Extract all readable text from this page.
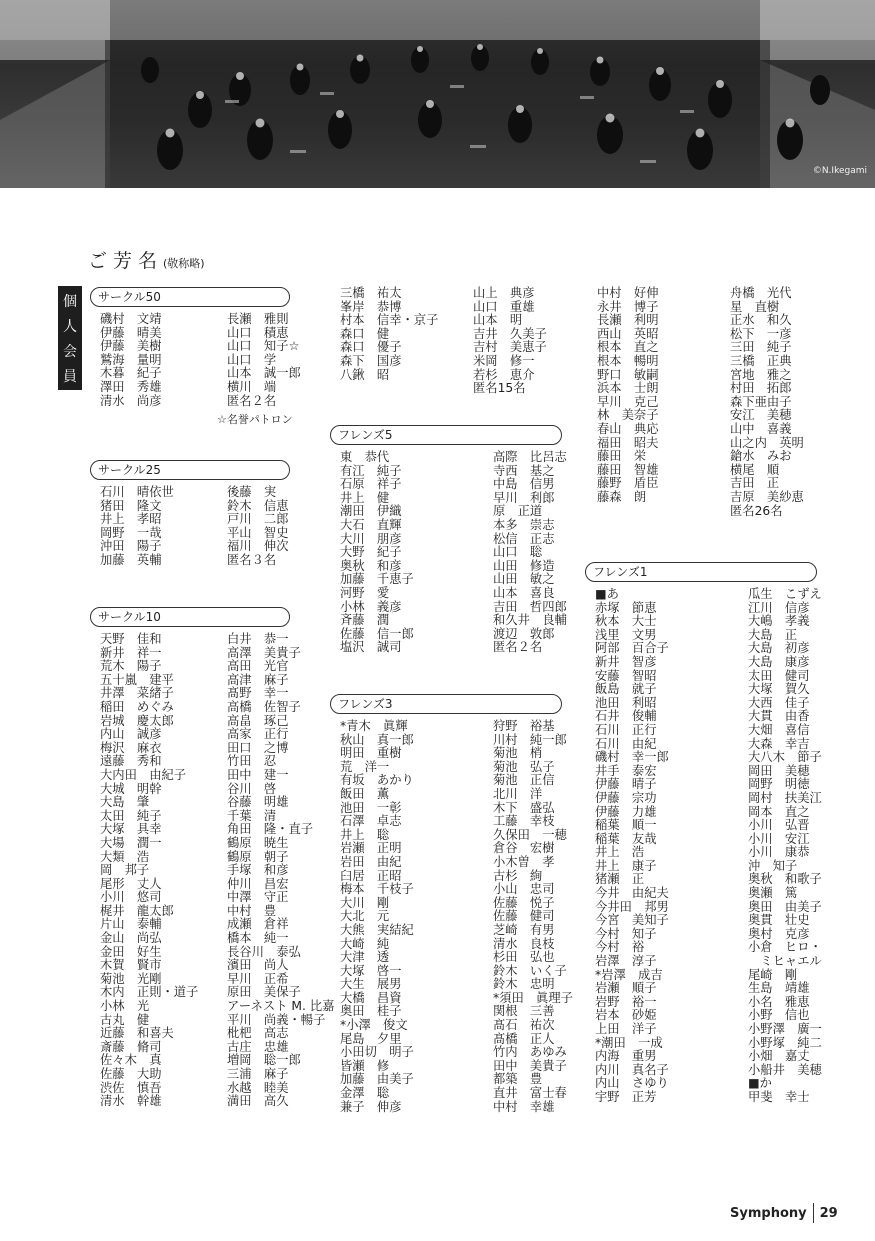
©N.Ikegami
ご芳名(敬称略)
個
人
会
員
サークル50
磯村　文靖
伊藤　晴美
伊藤　美樹
鷲海　量明
木暮　紀子
澤田　秀雄
清水　尚彦
長瀬　雅則
山口　積恵
山口　知子☆
山口　学
山本　誠一郎
横川　端
匿名２名
☆名誉パトロン
サークル25
石川　晴依世
猪田　隆文
井上　孝昭
岡野　一哉
沖田　陽子
加藤　英輔
後藤　実
鈴木　信恵
戸川　二郎
平山　智史
福川　伸次
匿名３名
サークル10
天野　佳和
新井　祥一
荒木　陽子
五十嵐　建平
井澤　菜緒子
稲田　めぐみ
岩城　慶太郎
内山　誠彦
梅沢　麻衣
遠藤　秀和
大内田　由紀子
大城　明幹
大島　肇
太田　純子
大塚　具幸
大場　潤一
大類　浩
岡　邦子
尾形　丈人
小川　悠司
梶井　龍太郎
片山　泰輔
金山　尚弘
金田　好生
木賀　賢市
菊池　光剛
木内　正則・道子
小林　光
古丸　健
近藤　和喜夫
斎藤　脩司
佐々木　真
佐藤　大助
渋佐　慎吾
清水　幹雄
白井　恭一
高澤　美貴子
高田　光官
高津　麻子
髙野　幸一
高橋　佐智子
高畠　琢己
高家　正行
田口　之博
竹田　忍
田中　建一
谷川　啓
谷藤　明雄
千葉　清
角田　隆・直子
鶴原　暁生
鶴原　朝子
手塚　和彦
仲川　昌宏
中澤　守正
中村　豊
成瀬　倉祥
橋本　純一
長谷川　泰弘
濱田　尚人
早川　正希
原田　美保子
アーネスト M. 比嘉
平川　尚義・暢子
枇杷　高志
古庄　忠雄
増岡　聡一郎
三浦　麻子
水越　睦美
満田　高久
三橋　祐太
峯岸　恭博
村本　信幸・京子
森口　健
森口　優子
森下　国彦
八鍬　昭
山上　典彦
山口　重雄
山本　明
吉井　久美子
吉村　美恵子
米岡　修一
若杉　恵介
匿名15名
フレンズ5
東　恭代
有江　純子
石原　祥子
井上　健
潮田　伊織
大石　直輝
大川　朋彦
大野　紀子
奥秋　和彦
加藤　千恵子
河野　愛
小林　義彦
斉藤　潤
佐藤　信一郎
塩沢　誠司
高際　比呂志
寺西　基之
中島　信男
早川　利郎
原　正道
本多　崇志
松信　正志
山口　聡
山田　修造
山田　敏之
山本　喜良
吉田　哲四郎
和久井　良輔
渡辺　敦郎
匿名２名
フレンズ3
*青木　眞輝
秋山　真一郎
明田　重樹
荒　洋一
有坂　あかり
飯田　薫
池田　一彰
石澤　卓志
井上　聡
岩瀬　正明
岩田　由紀
臼居　正昭
梅本　千枝子
大川　剛
大北　元
大熊　実結紀
大崎　純
大津　透
大塚　啓一
大生　展男
大橋　昌資
奥田　桂子
*小澤　俊文
尾島　夕里
小田切　明子
皆瀬　修
加藤　由美子
金澤　聡
兼子　伸彦
狩野　裕基
川村　純一郎
菊池　梢
菊池　弘子
菊池　正信
北川　洋
木下　盛弘
工藤　幸枝
久保田　一穂
倉谷　宏樹
小木曽　孝
古杉　絢
小山　忠司
佐藤　悦子
佐藤　健司
芝崎　有男
清水　良枝
杉田　弘也
鈴木　いく子
鈴木　忠明
*須田　眞理子
関根　三善
髙石　祐次
髙橋　正人
竹内　あゆみ
田中　美貴子
都築　豊
直井　富士春
中村　幸雄
中村　好伸
永井　博子
長瀬　利明
西山　英昭
根本　直之
根本　暢明
野口　敏嗣
浜本　士朗
早川　克己
林　美奈子
春山　典応
福田　昭夫
藤田　栄
藤田　智雄
藤野　盾臣
藤森　朗
舟橋　光代
星　直樹
正水　和久
松下　一彦
三田　純子
三橋　正典
宮地　雅之
村田　拓郎
森下亜由子
安江　美穂
山中　喜義
山之内　英明
鎗水　みお
横尾　順
吉田　正
吉原　美紗恵
匿名26名
フレンズ1
■あ
赤塚　節恵
秋本　大士
浅里　文男
阿部　百合子
新井　智彦
安藤　智昭
飯島　就子
池田　利昭
石井　俊輔
石川　正行
石川　由紀
磯村　幸一郎
井手　泰宏
伊藤　晴子
伊藤　宗功
伊藤　力雄
稲葉　順一
稲葉　友哉
井上　浩
井上　康子
猪瀬　正
今井　由紀夫
今井田　邦男
今宮　美知子
今村　知子
今村　裕
岩澤　淳子
*岩澤　成吉
岩瀬　順子
岩野　裕一
岩本　砂姫
上田　洋子
*潮田　一成
内海　重男
内川　真名子
内山　さゆり
宇野　正芳
瓜生　こずえ
江川　信彦
大嶋　孝義
大島　正
大島　初彦
大島　康彦
太田　健司
大塚　賀久
大西　佳子
大貫　由香
大畑　喜信
大森　幸吉
大八木　節子
岡田　美穂
岡野　明徳
岡村　扶美江
岡本　直之
小川　弘晋
小川　安江
小川　康恭
沖　知子
奥秋　和歌子
奥瀬　篤
奥田　由美子
奥貫　壮史
奥村　克彦
小倉　ヒロ・
　ミヒャエル
尾崎　剛
生島　靖雄
小名　雅恵
小野　信也
小野澤　廣一
小野塚　純二
小畑　嘉丈
小船井　美穂
■か
甲斐　幸士
Symphony 29
